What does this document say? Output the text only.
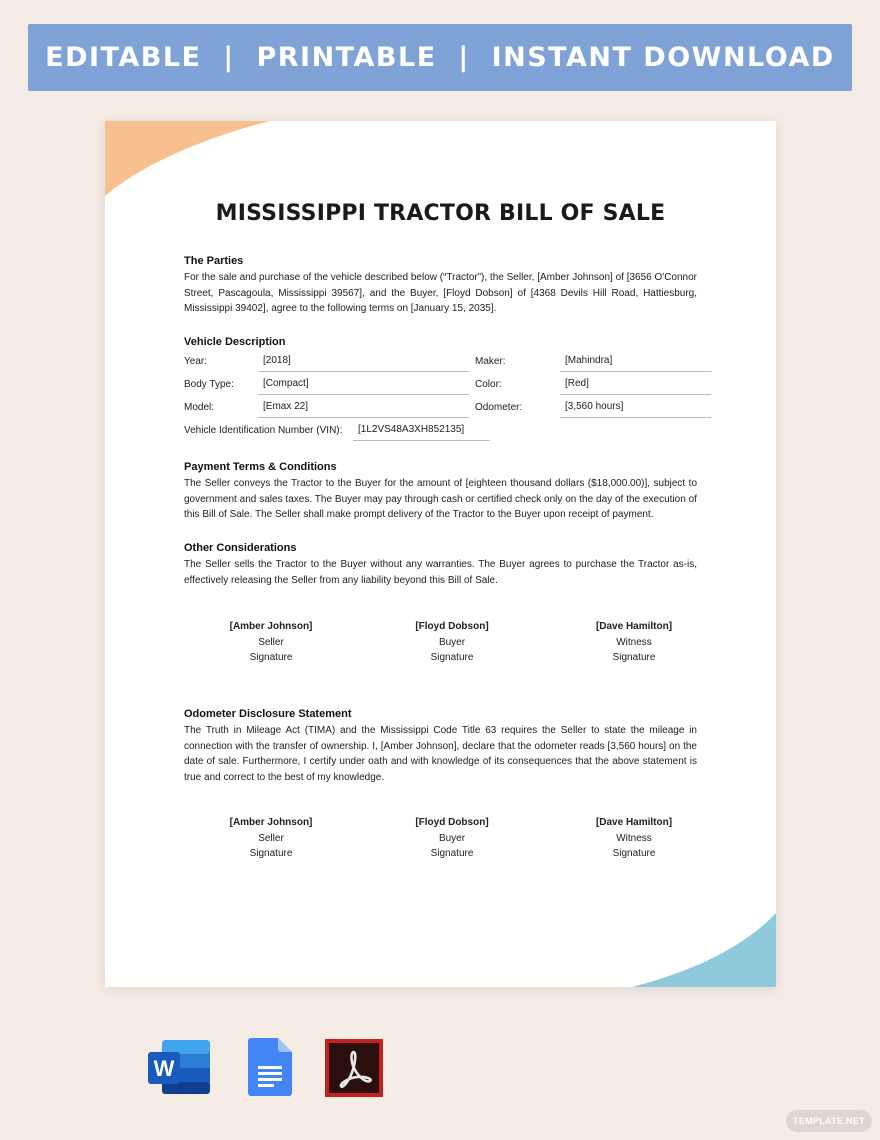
EDITABLE  |  PRINTABLE  |  INSTANT DOWNLOAD
MISSISSIPPI TRACTOR BILL OF SALE
The Parties
For the sale and purchase of the vehicle described below (“Tractor”), the Seller, [Amber Johnson] of [3656 O'Connor Street, Pascagoula, Mississippi 39567], and the Buyer, [Floyd Dobson] of [4368 Devils Hill Road, Hattiesburg, Mississippi 39402], agree to the following terms on [January 15, 2035].
Vehicle Description
Year:	[2018]	Maker:	[Mahindra]
Body Type:	[Compact]	Color:	[Red]
Model:	[Emax 22]	Odometer:	[3,560 hours]
Vehicle Identification Number (VIN):	[1L2VS48A3XH852135]
Payment Terms & Conditions
The Seller conveys the Tractor to the Buyer for the amount of [eighteen thousand dollars ($18,000.00)], subject to government and sales taxes. The Buyer may pay through cash or certified check only on the day of the execution of this Bill of Sale. The Seller shall make prompt delivery of the Tractor to the Buyer upon receipt of payment.
Other Considerations
The Seller sells the Tractor to the Buyer without any warranties. The Buyer agrees to purchase the Tractor as-is, effectively releasing the Seller from any liability beyond this Bill of Sale.
[Amber Johnson]
Seller
Signature
[Floyd Dobson]
Buyer
Signature
[Dave Hamilton]
Witness
Signature
Odometer Disclosure Statement
The Truth in Mileage Act (TIMA) and the Mississippi Code Title 63 requires the Seller to state the mileage in connection with the transfer of ownership. I, [Amber Johnson], declare that the odometer reads [3,560 hours] on the date of sale. Furthermore, I certify under oath and with knowledge of its consequences that the above statement is true and correct to the best of my knowledge.
[Amber Johnson]
Seller
Signature
[Floyd Dobson]
Buyer
Signature
[Dave Hamilton]
Witness
Signature
W
TEMPLATE.NET
